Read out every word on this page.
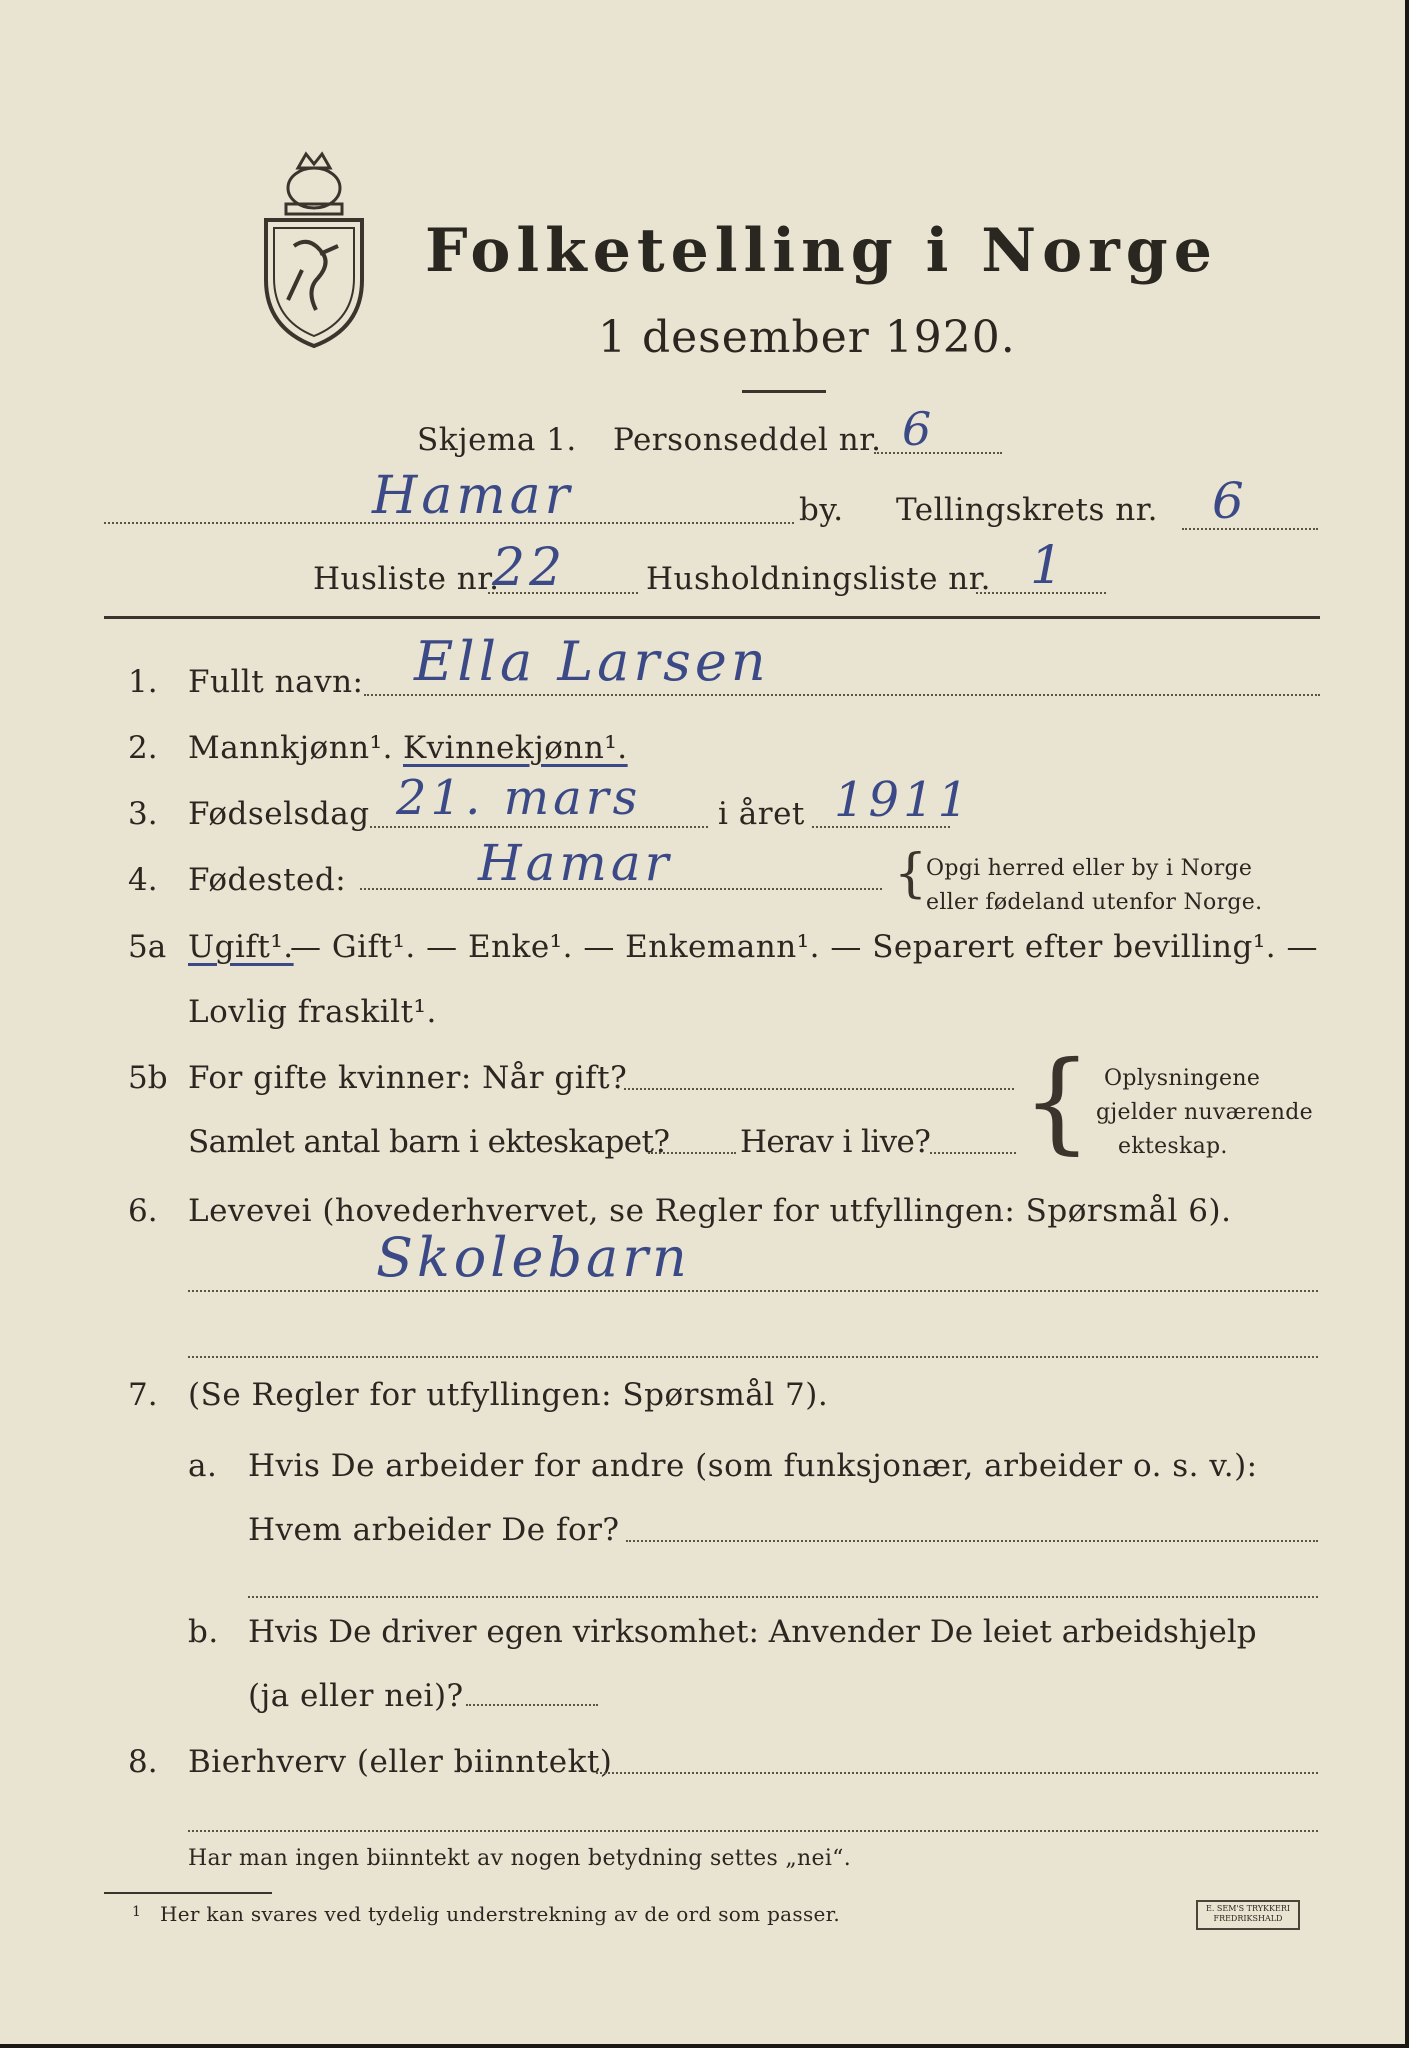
Folketelling i Norge
1 desember 1920.
Skjema 1. Personseddel nr. 6
Hamar	by. Tellingskrets nr. 6
Husliste nr.
22	Husholdningsliste nr. 1
1. Fullt navn: Ella Larsen
2. Mannkjønn¹. Kvinnekjønn¹.
3. Fødselsdag 21. mars i året 1911
4. Fødested:	Hamar	{
Opgi herred eller by i Norge
eller fødeland utenfor Norge.
5a Ugift¹.
— Gift¹. — Enke¹. — Enkemann¹. — Separert efter bevilling¹. —
Lovlig fraskilt¹.
5b For gifte kvinner: Når gift?
Samlet antal barn i ekteskapet? Herav i live? { Oplysningene
gjelder nuværende
ekteskap.
6. Levevei (hovederhvervet, se Regler for utfyllingen: Spørsmål 6).
Skolebarn
7. (Se Regler for utfyllingen: Spørsmål 7).
a. Hvis De arbeider for andre (som funksjonær, arbeider o. s. v.):
Hvem arbeider De for?
b. Hvis De driver egen virksomhet: Anvender De leiet arbeidshjelp
(ja eller nei)?
8. Bierhverv (eller biinntekt)
Har man ingen biinntekt av nogen betydning settes „nei“.
1 Her kan svares ved tydelig understrekning av de ord som passer.	E. SEM'S TRYKKERI FREDRIKSHALD
